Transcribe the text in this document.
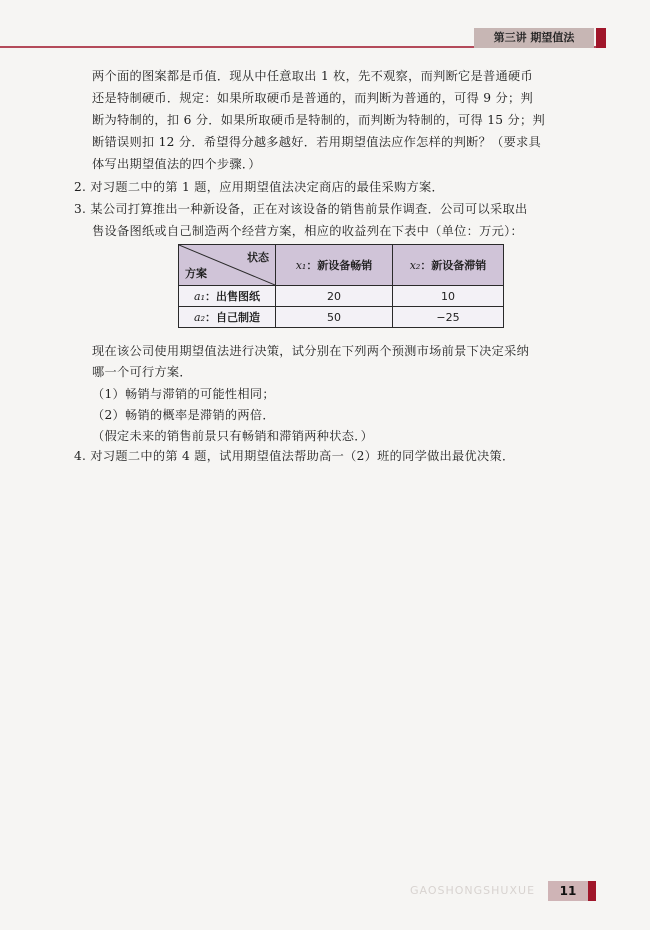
第三讲 期望值法
两个面的图案都是币值．现从中任意取出 1 枚，先不观察，而判断它是普通硬币
还是特制硬币．规定：如果所取硬币是普通的，而判断为普通的，可得 9 分；判
断为特制的，扣 6 分．如果所取硬币是特制的，而判断为特制的，可得 15 分；判
断错误则扣 12 分．希望得分越多越好．若用期望值法应作怎样的判断？（要求具
体写出期望值法的四个步骤．）
2. 对习题二中的第 1 题，应用期望值法决定商店的最佳采购方案．
3. 某公司打算推出一种新设备，正在对该设备的销售前景作调查．公司可以采取出
售设备图纸或自己制造两个经营方案，相应的收益列在下表中（单位：万元）：
状态
方案	x₁：新设备畅销	x₂：新设备滞销
a₁：出售图纸	20	10
a₂：自己制造	50	−25
现在该公司使用期望值法进行决策，试分别在下列两个预测市场前景下决定采纳
哪一个可行方案．
（1）畅销与滞销的可能性相同；
（2）畅销的概率是滞销的两倍．
（假定未来的销售前景只有畅销和滞销两种状态．）
4. 对习题二中的第 4 题，试用期望值法帮助高一（2）班的同学做出最优决策．
GAOSHONGSHUXUE	11
